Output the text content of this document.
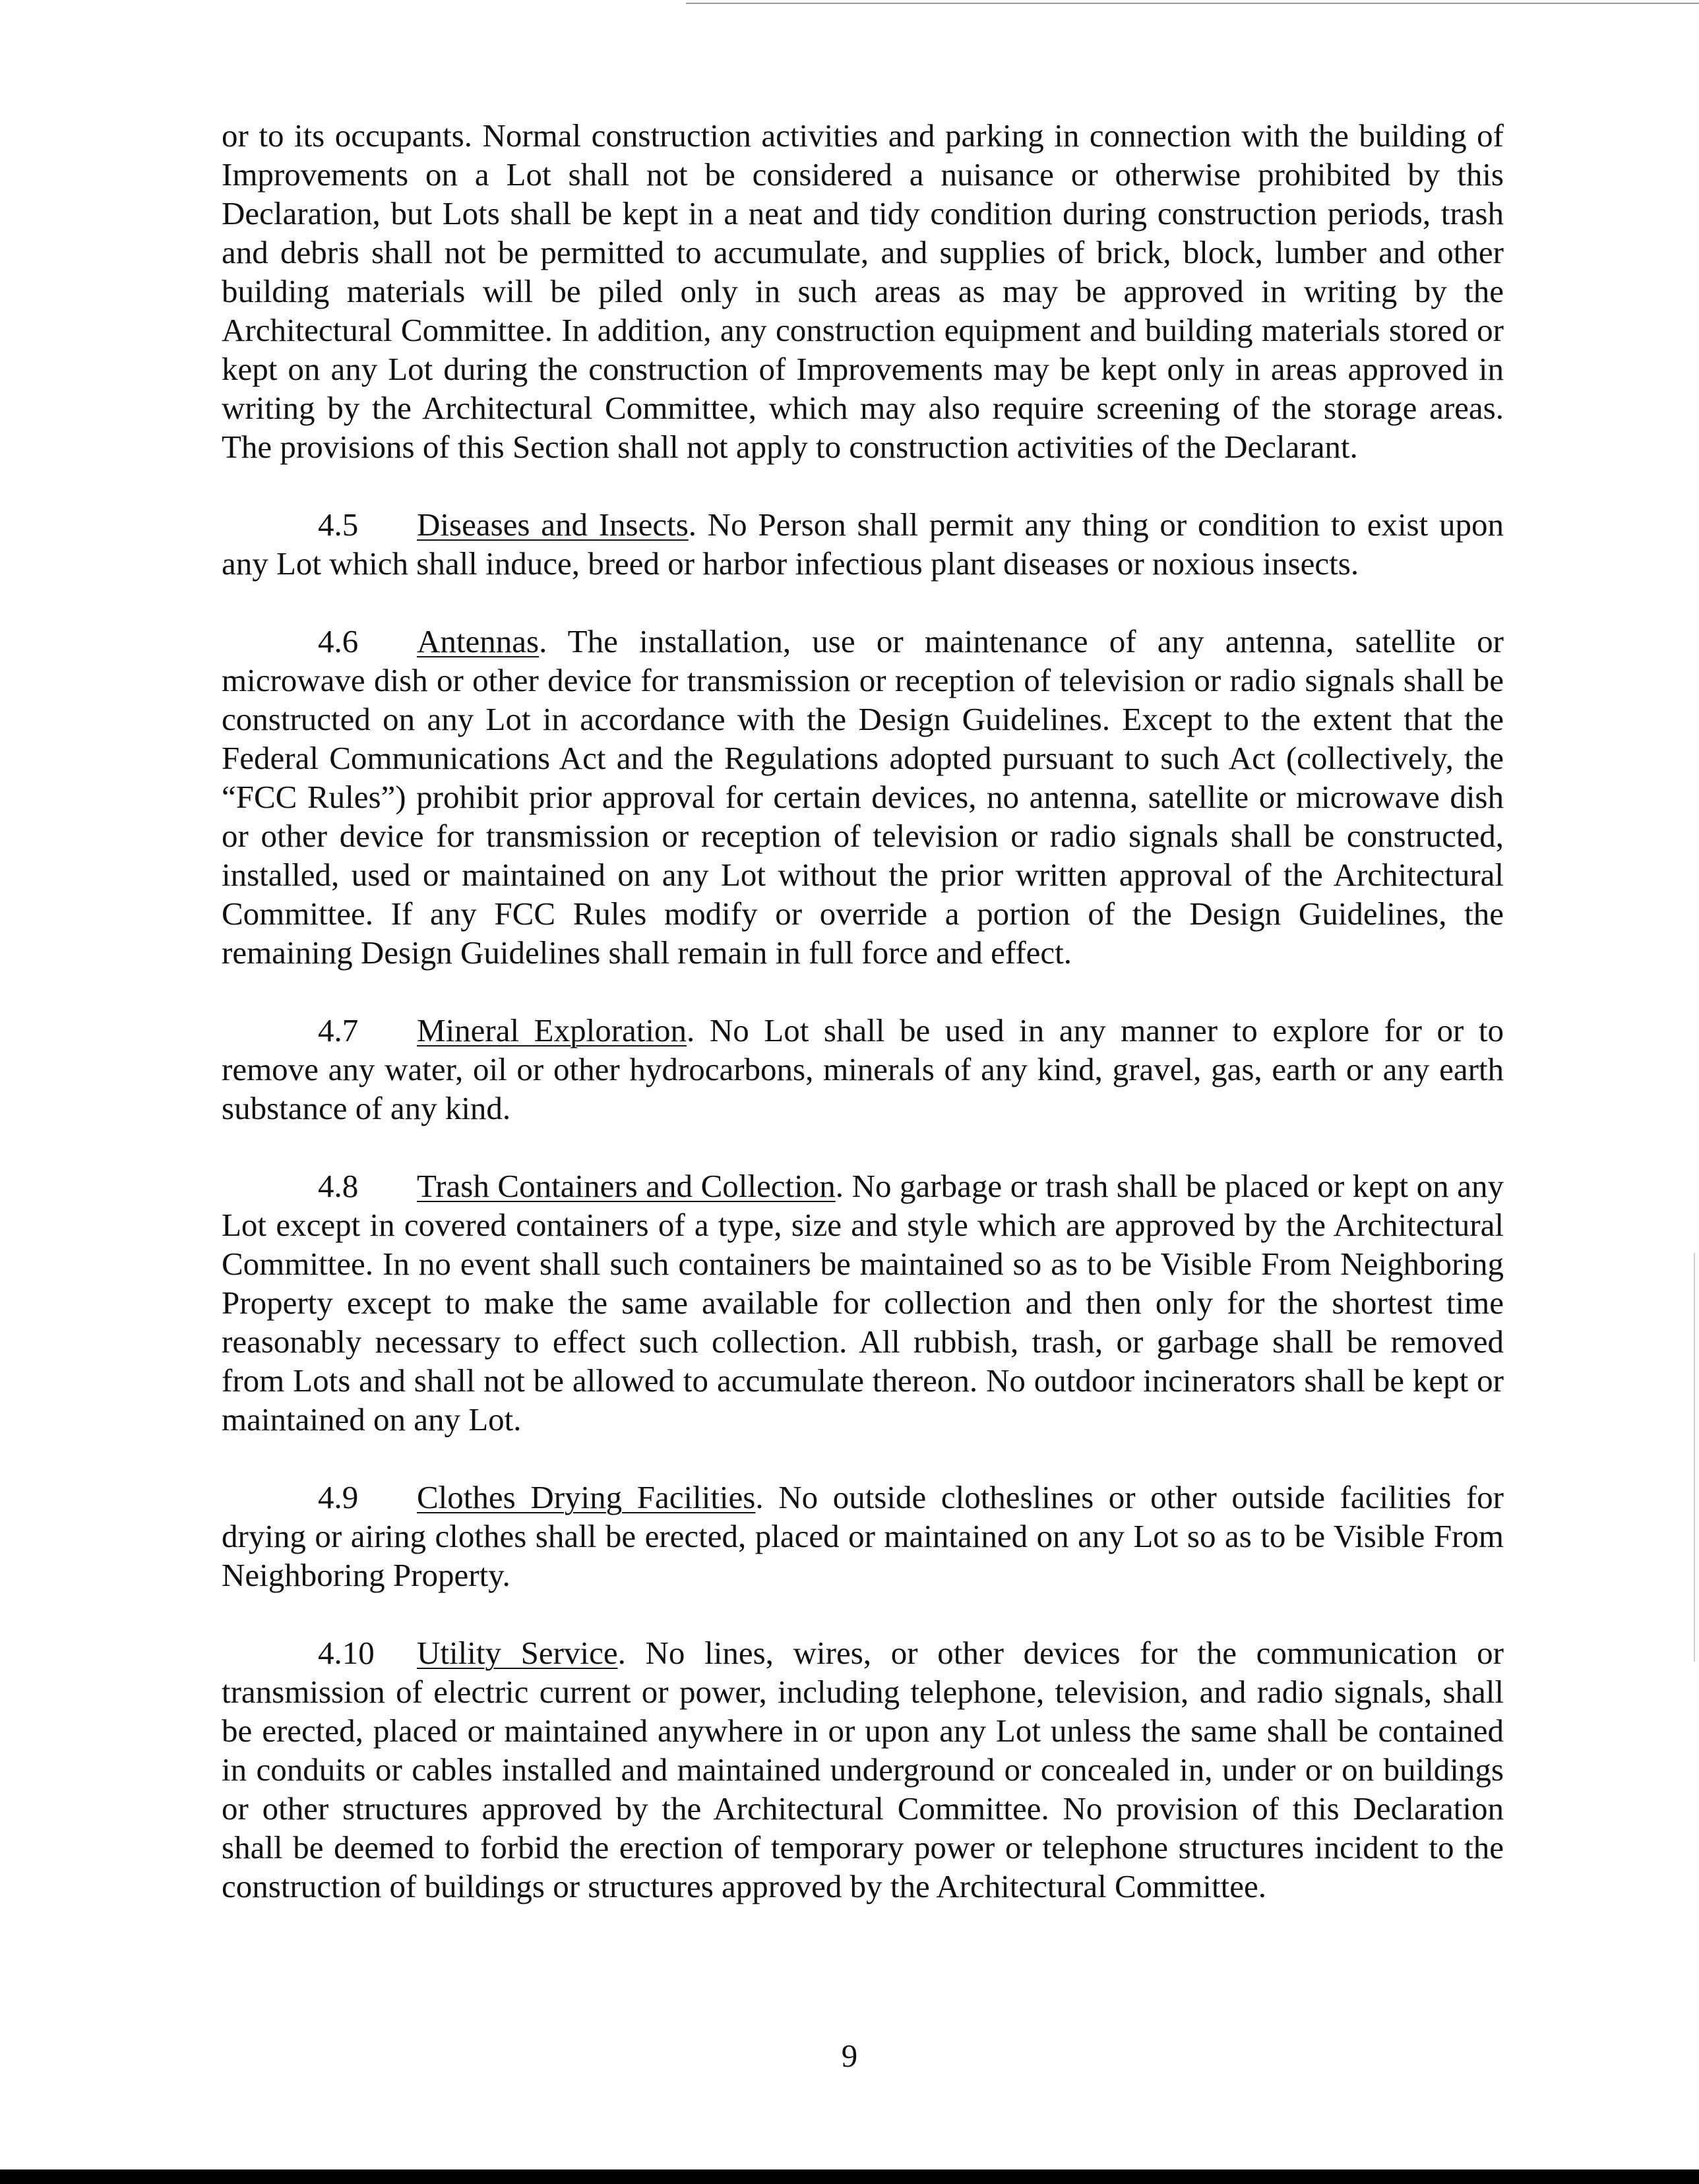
or to its occupants. Normal construction activities and parking in connection with the building of Improvements on a Lot shall not be considered a nuisance or otherwise prohibited by this Declaration, but Lots shall be kept in a neat and tidy condition during construction periods, trash and debris shall not be permitted to accumulate, and supplies of brick, block, lumber and other building materials will be piled only in such areas as may be approved in writing by the Architectural Committee. In addition, any construction equipment and building materials stored or kept on any Lot during the construction of Improvements may be kept only in areas approved in writing by the Architectural Committee, which may also require screening of the storage areas. The provisions of this Section shall not apply to construction activities of the Declarant.

4.5 Diseases and Insects. No Person shall permit any thing or condition to exist upon any Lot which shall induce, breed or harbor infectious plant diseases or noxious insects.

4.6 Antennas. The installation, use or maintenance of any antenna, satellite or microwave dish or other device for transmission or reception of television or radio signals shall be constructed on any Lot in accordance with the Design Guidelines. Except to the extent that the Federal Communications Act and the Regulations adopted pursuant to such Act (collectively, the “FCC Rules”) prohibit prior approval for certain devices, no antenna, satellite or microwave dish or other device for transmission or reception of television or radio signals shall be constructed, installed, used or maintained on any Lot without the prior written approval of the Architectural Committee. If any FCC Rules modify or override a portion of the Design Guidelines, the remaining Design Guidelines shall remain in full force and effect.

4.7 Mineral Exploration. No Lot shall be used in any manner to explore for or to remove any water, oil or other hydrocarbons, minerals of any kind, gravel, gas, earth or any earth substance of any kind.

4.8 Trash Containers and Collection. No garbage or trash shall be placed or kept on any Lot except in covered containers of a type, size and style which are approved by the Architectural Committee. In no event shall such containers be maintained so as to be Visible From Neighboring Property except to make the same available for collection and then only for the shortest time reasonably necessary to effect such collection. All rubbish, trash, or garbage shall be removed from Lots and shall not be allowed to accumulate thereon. No outdoor incinerators shall be kept or maintained on any Lot.

4.9 Clothes Drying Facilities. No outside clotheslines or other outside facilities for drying or airing clothes shall be erected, placed or maintained on any Lot so as to be Visible From Neighboring Property.

4.10 Utility Service. No lines, wires, or other devices for the communication or transmission of electric current or power, including telephone, television, and radio signals, shall be erected, placed or maintained anywhere in or upon any Lot unless the same shall be contained in conduits or cables installed and maintained underground or concealed in, under or on buildings or other structures approved by the Architectural Committee. No provision of this Declaration shall be deemed to forbid the erection of temporary power or telephone structures incident to the construction of buildings or structures approved by the Architectural Committee.

9
